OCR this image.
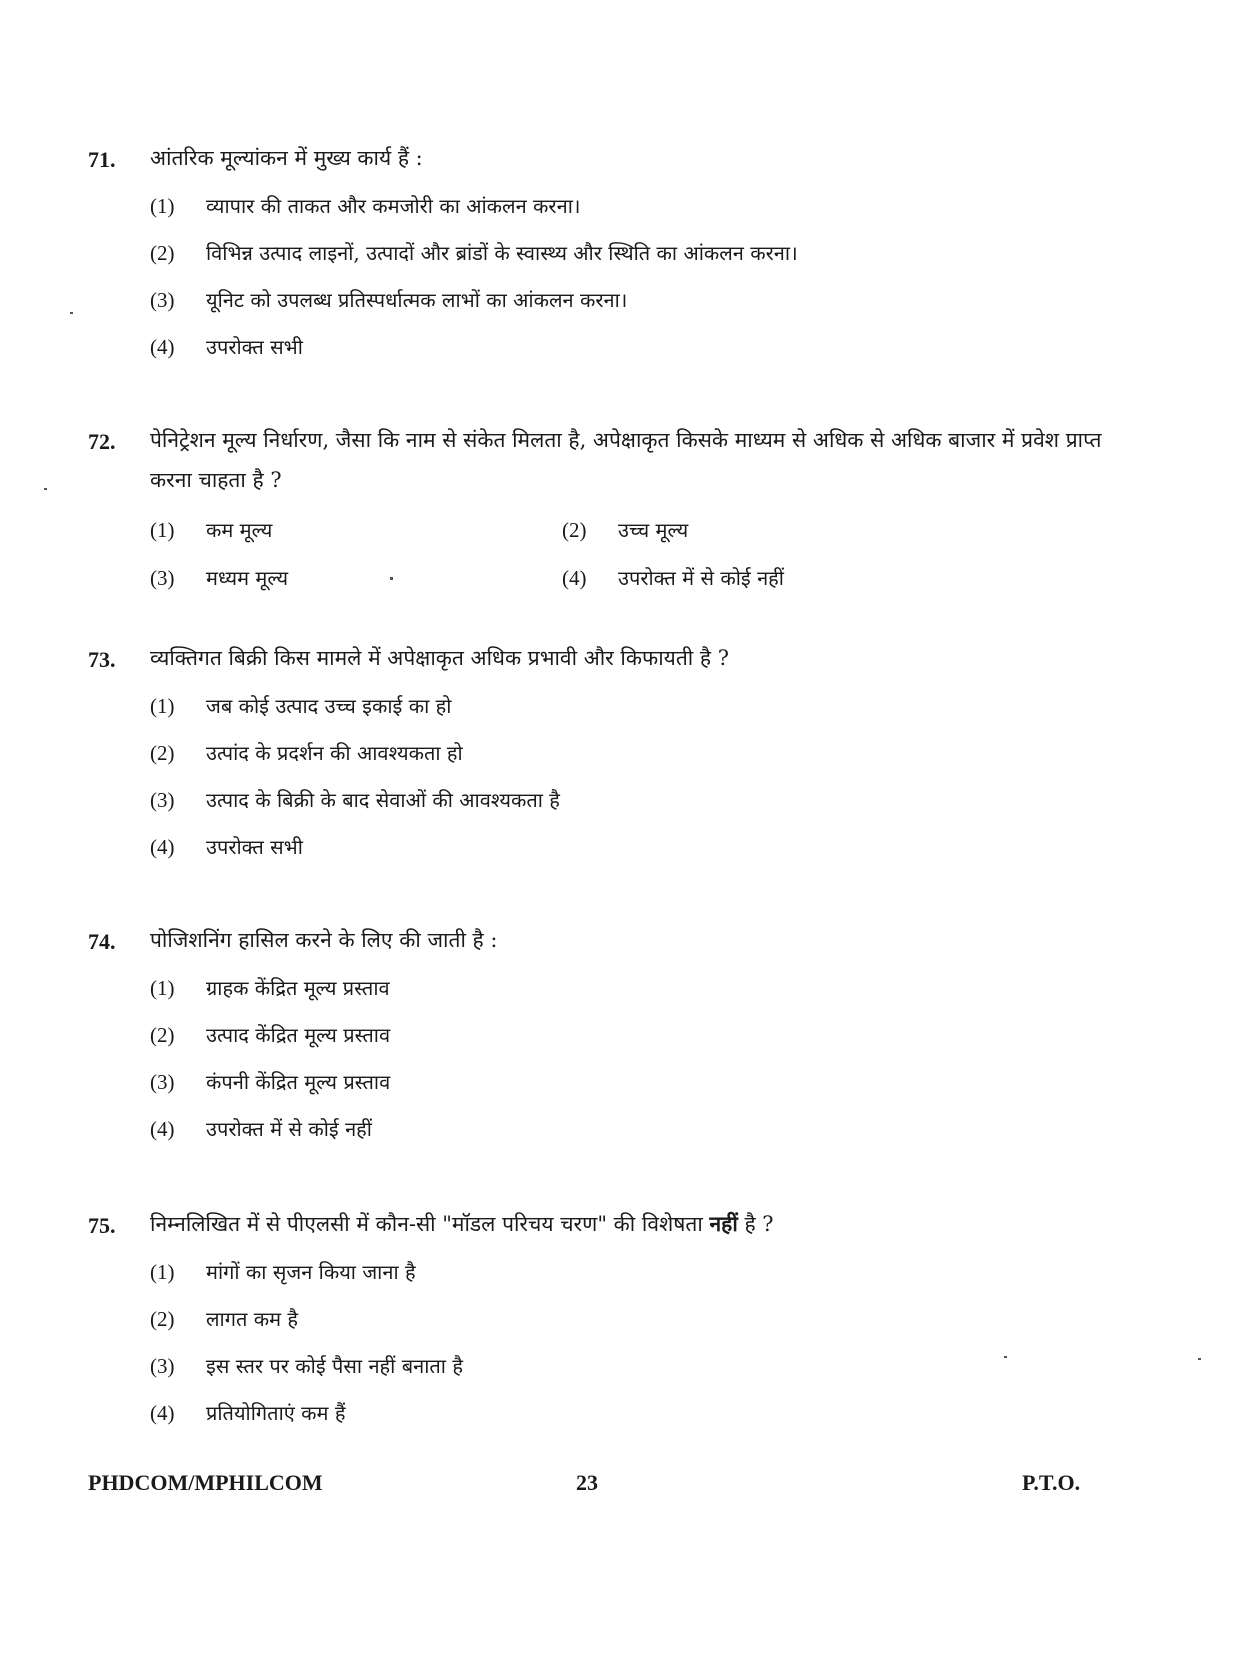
71. आंतरिक मूल्यांकन में मुख्य कार्य हैं :
(1) व्यापार की ताकत और कमजोरी का आंकलन करना।
(2) विभिन्न उत्पाद लाइनों, उत्पादों और ब्रांडों के स्वास्थ्य और स्थिति का आंकलन करना।
(3) यूनिट को उपलब्ध प्रतिस्पर्धात्मक लाभों का आंकलन करना।
(4) उपरोक्त सभी
72. पेनिट्रेशन मूल्य निर्धारण, जैसा कि नाम से संकेत मिलता है, अपेक्षाकृत किसके माध्यम से अधिक से अधिक बाजार में प्रवेश प्राप्त करना चाहता है ?
(1) कम मूल्य	(2) उच्च मूल्य
(3) मध्यम मूल्य	(4) उपरोक्त में से कोई नहीं
73. व्यक्तिगत बिक्री किस मामले में अपेक्षाकृत अधिक प्रभावी और किफायती है ?
(1) जब कोई उत्पाद उच्च इकाई का हो
(2) उत्पांद के प्रदर्शन की आवश्यकता हो
(3) उत्पाद के बिक्री के बाद सेवाओं की आवश्यकता है
(4) उपरोक्त सभी
74. पोजिशनिंग हासिल करने के लिए की जाती है :
(1) ग्राहक केंद्रित मूल्य प्रस्ताव
(2) उत्पाद केंद्रित मूल्य प्रस्ताव
(3) कंपनी केंद्रित मूल्य प्रस्ताव
(4) उपरोक्त में से कोई नहीं
75. निम्नलिखित में से पीएलसी में कौन-सी "मॉडल परिचय चरण" की विशेषता नहीं है ?
(1) मांगों का सृजन किया जाना है
(2) लागत कम है
(3) इस स्तर पर कोई पैसा नहीं बनाता है
(4) प्रतियोगिताएं कम हैं
PHDCOM/MPHILCOM	23	P.T.O.
